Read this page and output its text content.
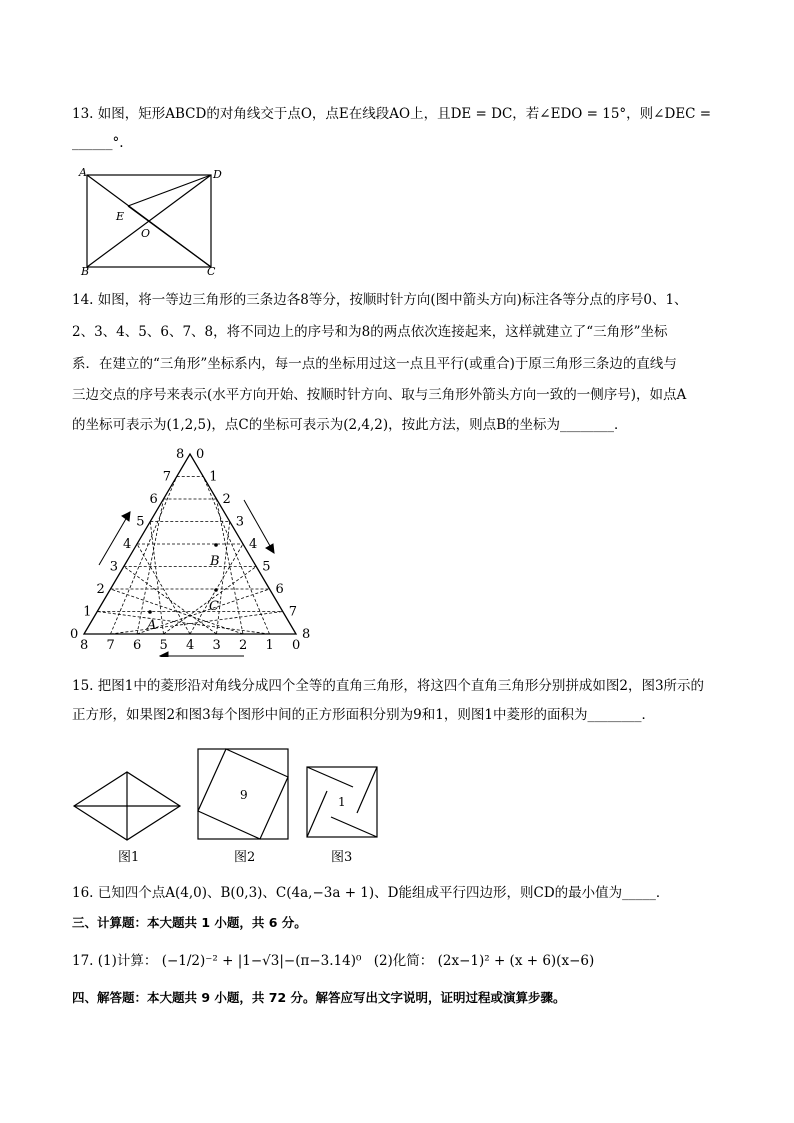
13. 如图，矩形ABCD的对角线交于点O，点E在线段AO上，且DE = DC，若∠EDO = 15°，则∠DEC =
______°.
A	D
B	C
E
O
14. 如图，将一等边三角形的三条边各8等分，按顺时针方向(图中箭头方向)标注各等分点的序号0、1、
2、3、4、5、6、7、8，将不同边上的序号和为8的两点依次连接起来，这样就建立了“三角形”坐标
系．在建立的“三角形”坐标系内，每一点的坐标用过这一点且平行(或重合)于原三角形三条边的直线与
三边交点的序号来表示(水平方向开始、按顺时针方向、取与三角形外箭头方向一致的一侧序号)，如点A
的坐标可表示为(1,2,5)，点C的坐标可表示为(2,4,2)，按此方法，则点B的坐标为________．
0
0
0
1
1
1
2
2
2
3
3
3
4	4
4
5
5
5
6
6
6
7
7
7
8
8
8
A
B
C
15. 把图1中的菱形沿对角线分成四个全等的直角三角形，将这四个直角三角形分别拼成如图2，图3所示的
正方形，如果图2和图3每个图形中间的正方形面积分别为9和1，则图1中菱形的面积为________．
图1
9
图2
1
图3
16. 已知四个点A(4,0)、B(0,3)、C(4a,−3a + 1)、D能组成平行四边形，则CD的最小值为_____．
三、计算题：本大题共 1 小题，共 6 分。
17. (1)计算： (−1/2)⁻² + |1−√3|−(π−3.14)⁰ (2)化简： (2x−1)² + (x + 6)(x−6)
四、解答题：本大题共 9 小题，共 72 分。解答应写出文字说明，证明过程或演算步骤。
